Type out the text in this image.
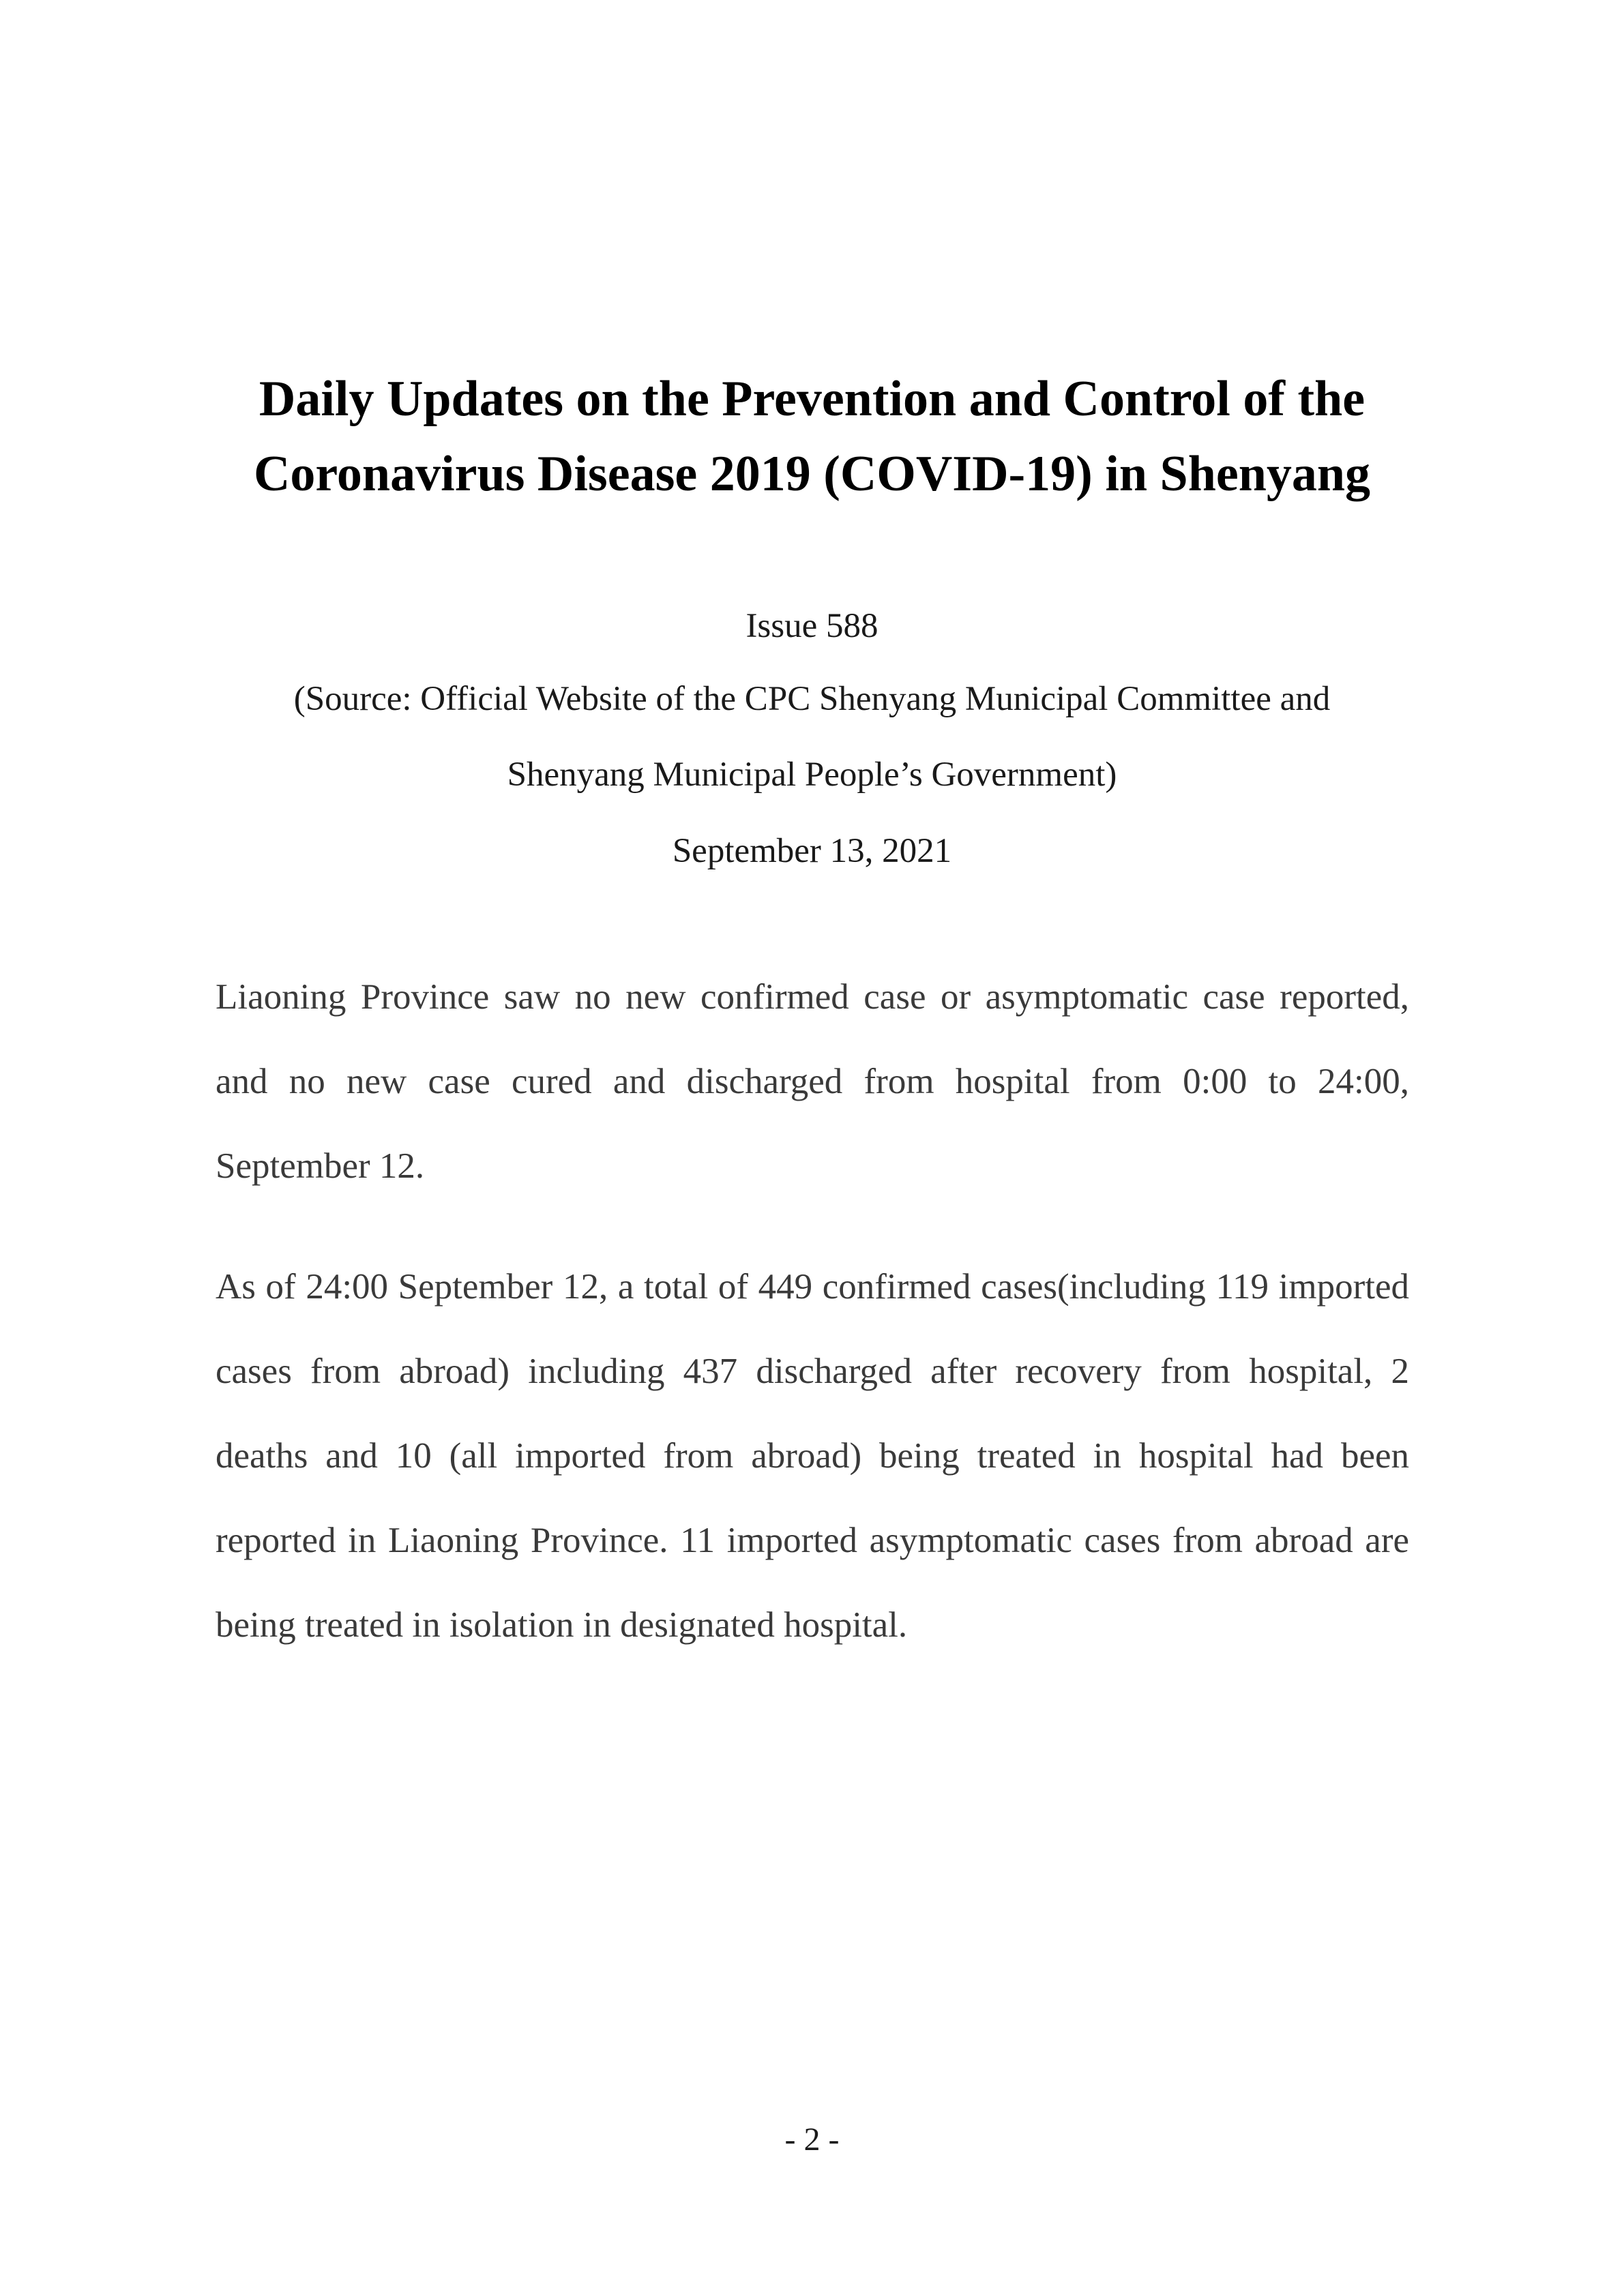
Daily Updates on the Prevention and Control of the Coronavirus Disease 2019 (COVID-19) in Shenyang

Issue 588

(Source: Official Website of the CPC Shenyang Municipal Committee and

Shenyang Municipal People’s Government)

September 13, 2021

Liaoning Province saw no new confirmed case or asymptomatic case reported, and no new case cured and discharged from hospital from 0:00 to 24:00, September 12.

As of 24:00 September 12, a total of 449 confirmed cases(including 119 imported cases from abroad) including 437 discharged after recovery from hospital, 2 deaths and 10 (all imported from abroad) being treated in hospital had been reported in Liaoning Province. 11 imported asymptomatic cases from abroad are being treated in isolation in designated hospital.

- 2 -
